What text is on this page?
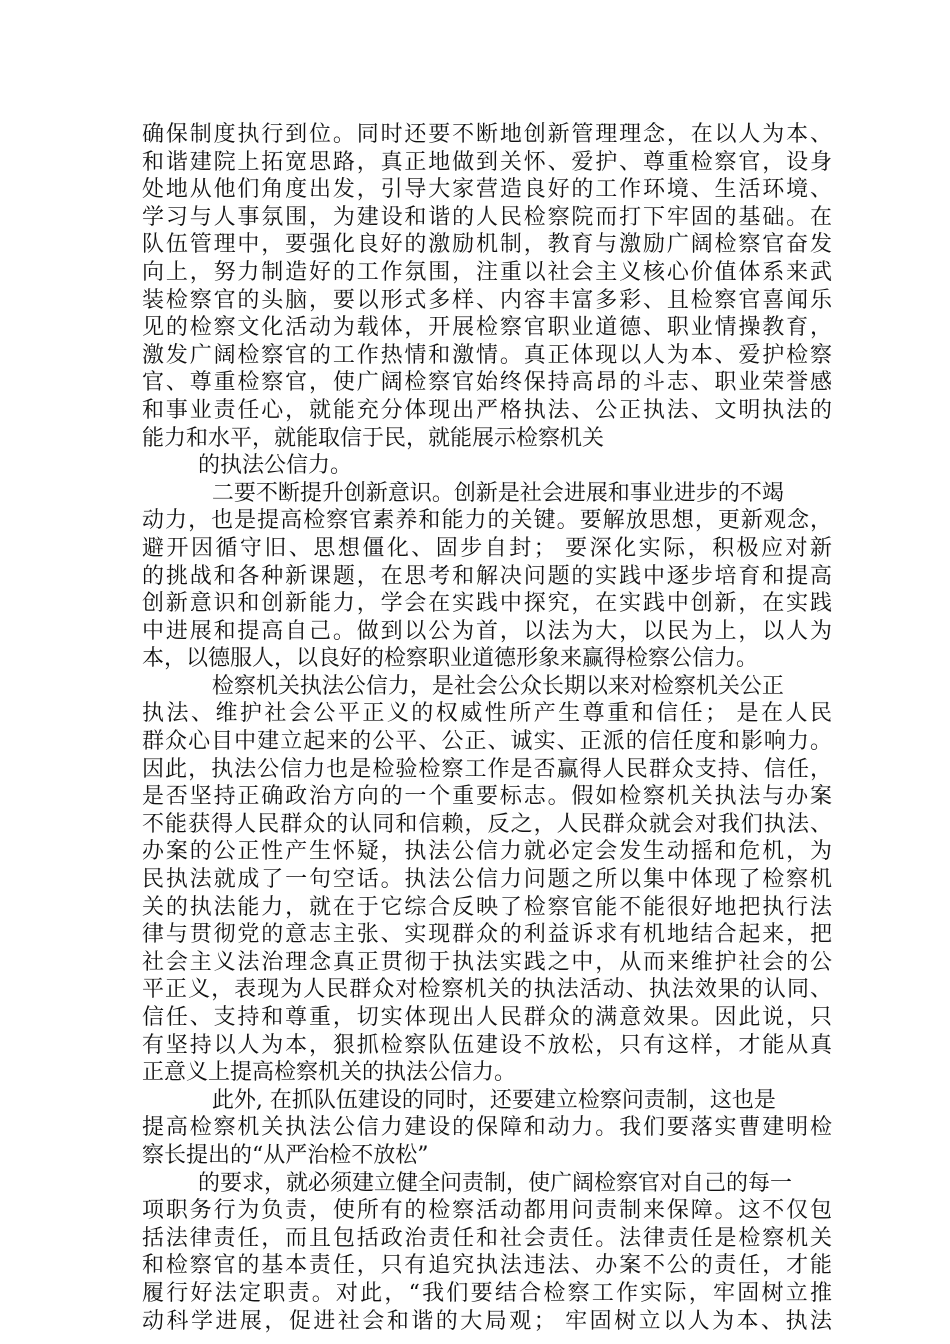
确保制度执行到位。同时还要不断地创新管理理念，在以人为本、
和谐建院上拓宽思路，真正地做到关怀、爱护、尊重检察官，设身
处地从他们角度出发，引导大家营造良好的工作环境、生活环境、
学习与人事氛围，为建设和谐的人民检察院而打下牢固的基础。在
队伍管理中，要强化良好的激励机制，教育与激励广阔检察官奋发
向上，努力制造好的工作氛围，注重以社会主义核心价值体系来武
装检察官的头脑，要以形式多样、内容丰富多彩、且检察官喜闻乐
见的检察文化活动为载体，开展检察官职业道德、职业情操教育，
激发广阔检察官的工作热情和激情。真正体现以人为本、爱护检察
官、尊重检察官，使广阔检察官始终保持高昂的斗志、职业荣誉感
和事业责任心，就能充分体现出严格执法、公正执法、文明执法的
能力和水平，就能取信于民，就能展示检察机关
的执法公信力。
二要不断提升创新意识。创新是社会进展和事业进步的不竭
动力，也是提高检察官素养和能力的关键。要解放思想，更新观念，
避开因循守旧、思想僵化、固步自封； 要深化实际，积极应对新
的挑战和各种新课题，在思考和解决问题的实践中逐步培育和提高
创新意识和创新能力，学会在实践中探究，在实践中创新，在实践
中进展和提高自己。做到以公为首，以法为大，以民为上，以人为
本，以德服人，以良好的检察职业道德形象来赢得检察公信力。
检察机关执法公信力，是社会公众长期以来对检察机关公正
执法、维护社会公平正义的权威性所产生尊重和信任； 是在人民
群众心目中建立起来的公平、公正、诚实、正派的信任度和影响力。
因此，执法公信力也是检验检察工作是否赢得人民群众支持、信任，
是否坚持正确政治方向的一个重要标志。假如检察机关执法与办案
不能获得人民群众的认同和信赖，反之，人民群众就会对我们执法、
办案的公正性产生怀疑，执法公信力就必定会发生动摇和危机，为
民执法就成了一句空话。执法公信力问题之所以集中体现了检察机
关的执法能力，就在于它综合反映了检察官能不能很好地把执行法
律与贯彻党的意志主张、实现群众的利益诉求有机地结合起来，把
社会主义法治理念真正贯彻于执法实践之中，从而来维护社会的公
平正义，表现为人民群众对检察机关的执法活动、执法效果的认同、
信任、支持和尊重，切实体现出人民群众的满意效果。因此说，只
有坚持以人为本，狠抓检察队伍建设不放松，只有这样，才能从真
正意义上提高检察机关的执法公信力。
此外, 在抓队伍建设的同时，还要建立检察问责制，这也是
提高检察机关执法公信力建设的保障和动力。我们要落实曹建明检
察长提出的“从严治检不放松”
的要求，就必须建立健全问责制，使广阔检察官对自己的每一
项职务行为负责，使所有的检察活动都用问责制来保障。这不仅包
括法律责任，而且包括政治责任和社会责任。法律责任是检察机关
和检察官的基本责任，只有追究执法违法、办案不公的责任，才能
履行好法定职责。对此，“我们要结合检察工作实际，牢固树立推
动科学进展，促进社会和谐的大局观； 牢固树立以人为本、执法
